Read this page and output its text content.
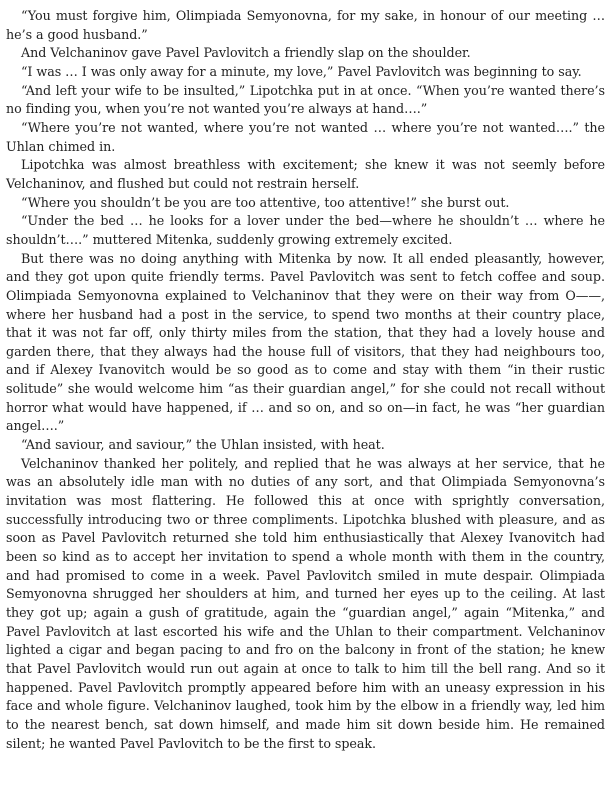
“You must forgive him, Olimpiada Semyonovna, for my sake, in honour of our meeting … he’s a good husband.”

And Velchaninov gave Pavel Pavlovitch a friendly slap on the shoulder.

“I was … I was only away for a minute, my love,” Pavel Pavlovitch was beginning to say.

“And left your wife to be insulted,” Lipotchka put in at once. “When you’re wanted there’s no finding you, when you’re not wanted you’re always at hand….”

“Where you’re not wanted, where you’re not wanted … where you’re not wanted….” the Uhlan chimed in.

Lipotchka was almost breathless with excitement; she knew it was not seemly before Velchaninov, and flushed but could not restrain herself.

“Where you shouldn’t be you are too attentive, too attentive!” she burst out.

“Under the bed … he looks for a lover under the bed—where he shouldn’t … where he shouldn’t….” muttered Mitenka, suddenly growing extremely excited.

But there was no doing anything with Mitenka by now. It all ended pleasantly, however, and they got upon quite friendly terms. Pavel Pavlovitch was sent to fetch coffee and soup. Olimpiada Semyonovna explained to Velchaninov that they were on their way from O——, where her husband had a post in the service, to spend two months at their country place, that it was not far off, only thirty miles from the station, that they had a lovely house and garden there, that they always had the house full of visitors, that they had neighbours too, and if Alexey Ivanovitch would be so good as to come and stay with them “in their rustic solitude” she would welcome him “as their guardian angel,” for she could not recall without horror what would have happened, if … and so on, and so on—in fact, he was “her guardian angel….”

“And saviour, and saviour,” the Uhlan insisted, with heat.

Velchaninov thanked her politely, and replied that he was always at her service, that he was an absolutely idle man with no duties of any sort, and that Olimpiada Semyonovna’s invitation was most flattering. He followed this at once with sprightly conversation, successfully introducing two or three compliments. Lipotchka blushed with pleasure, and as soon as Pavel Pavlovitch returned she told him enthusiastically that Alexey Ivanovitch had been so kind as to accept her invitation to spend a whole month with them in the country, and had promised to come in a week. Pavel Pavlovitch smiled in mute despair. Olimpiada Semyonovna shrugged her shoulders at him, and turned her eyes up to the ceiling. At last they got up; again a gush of gratitude, again the “guardian angel,” again “Mitenka,” and Pavel Pavlovitch at last escorted his wife and the Uhlan to their compartment. Velchaninov lighted a cigar and began pacing to and fro on the balcony in front of the station; he knew that Pavel Pavlovitch would run out again at once to talk to him till the bell rang. And so it happened. Pavel Pavlovitch promptly appeared before him with an uneasy expression in his face and whole figure. Velchaninov laughed, took him by the elbow in a friendly way, led him to the nearest bench, sat down himself, and made him sit down beside him. He remained silent; he wanted Pavel Pavlovitch to be the first to speak.
